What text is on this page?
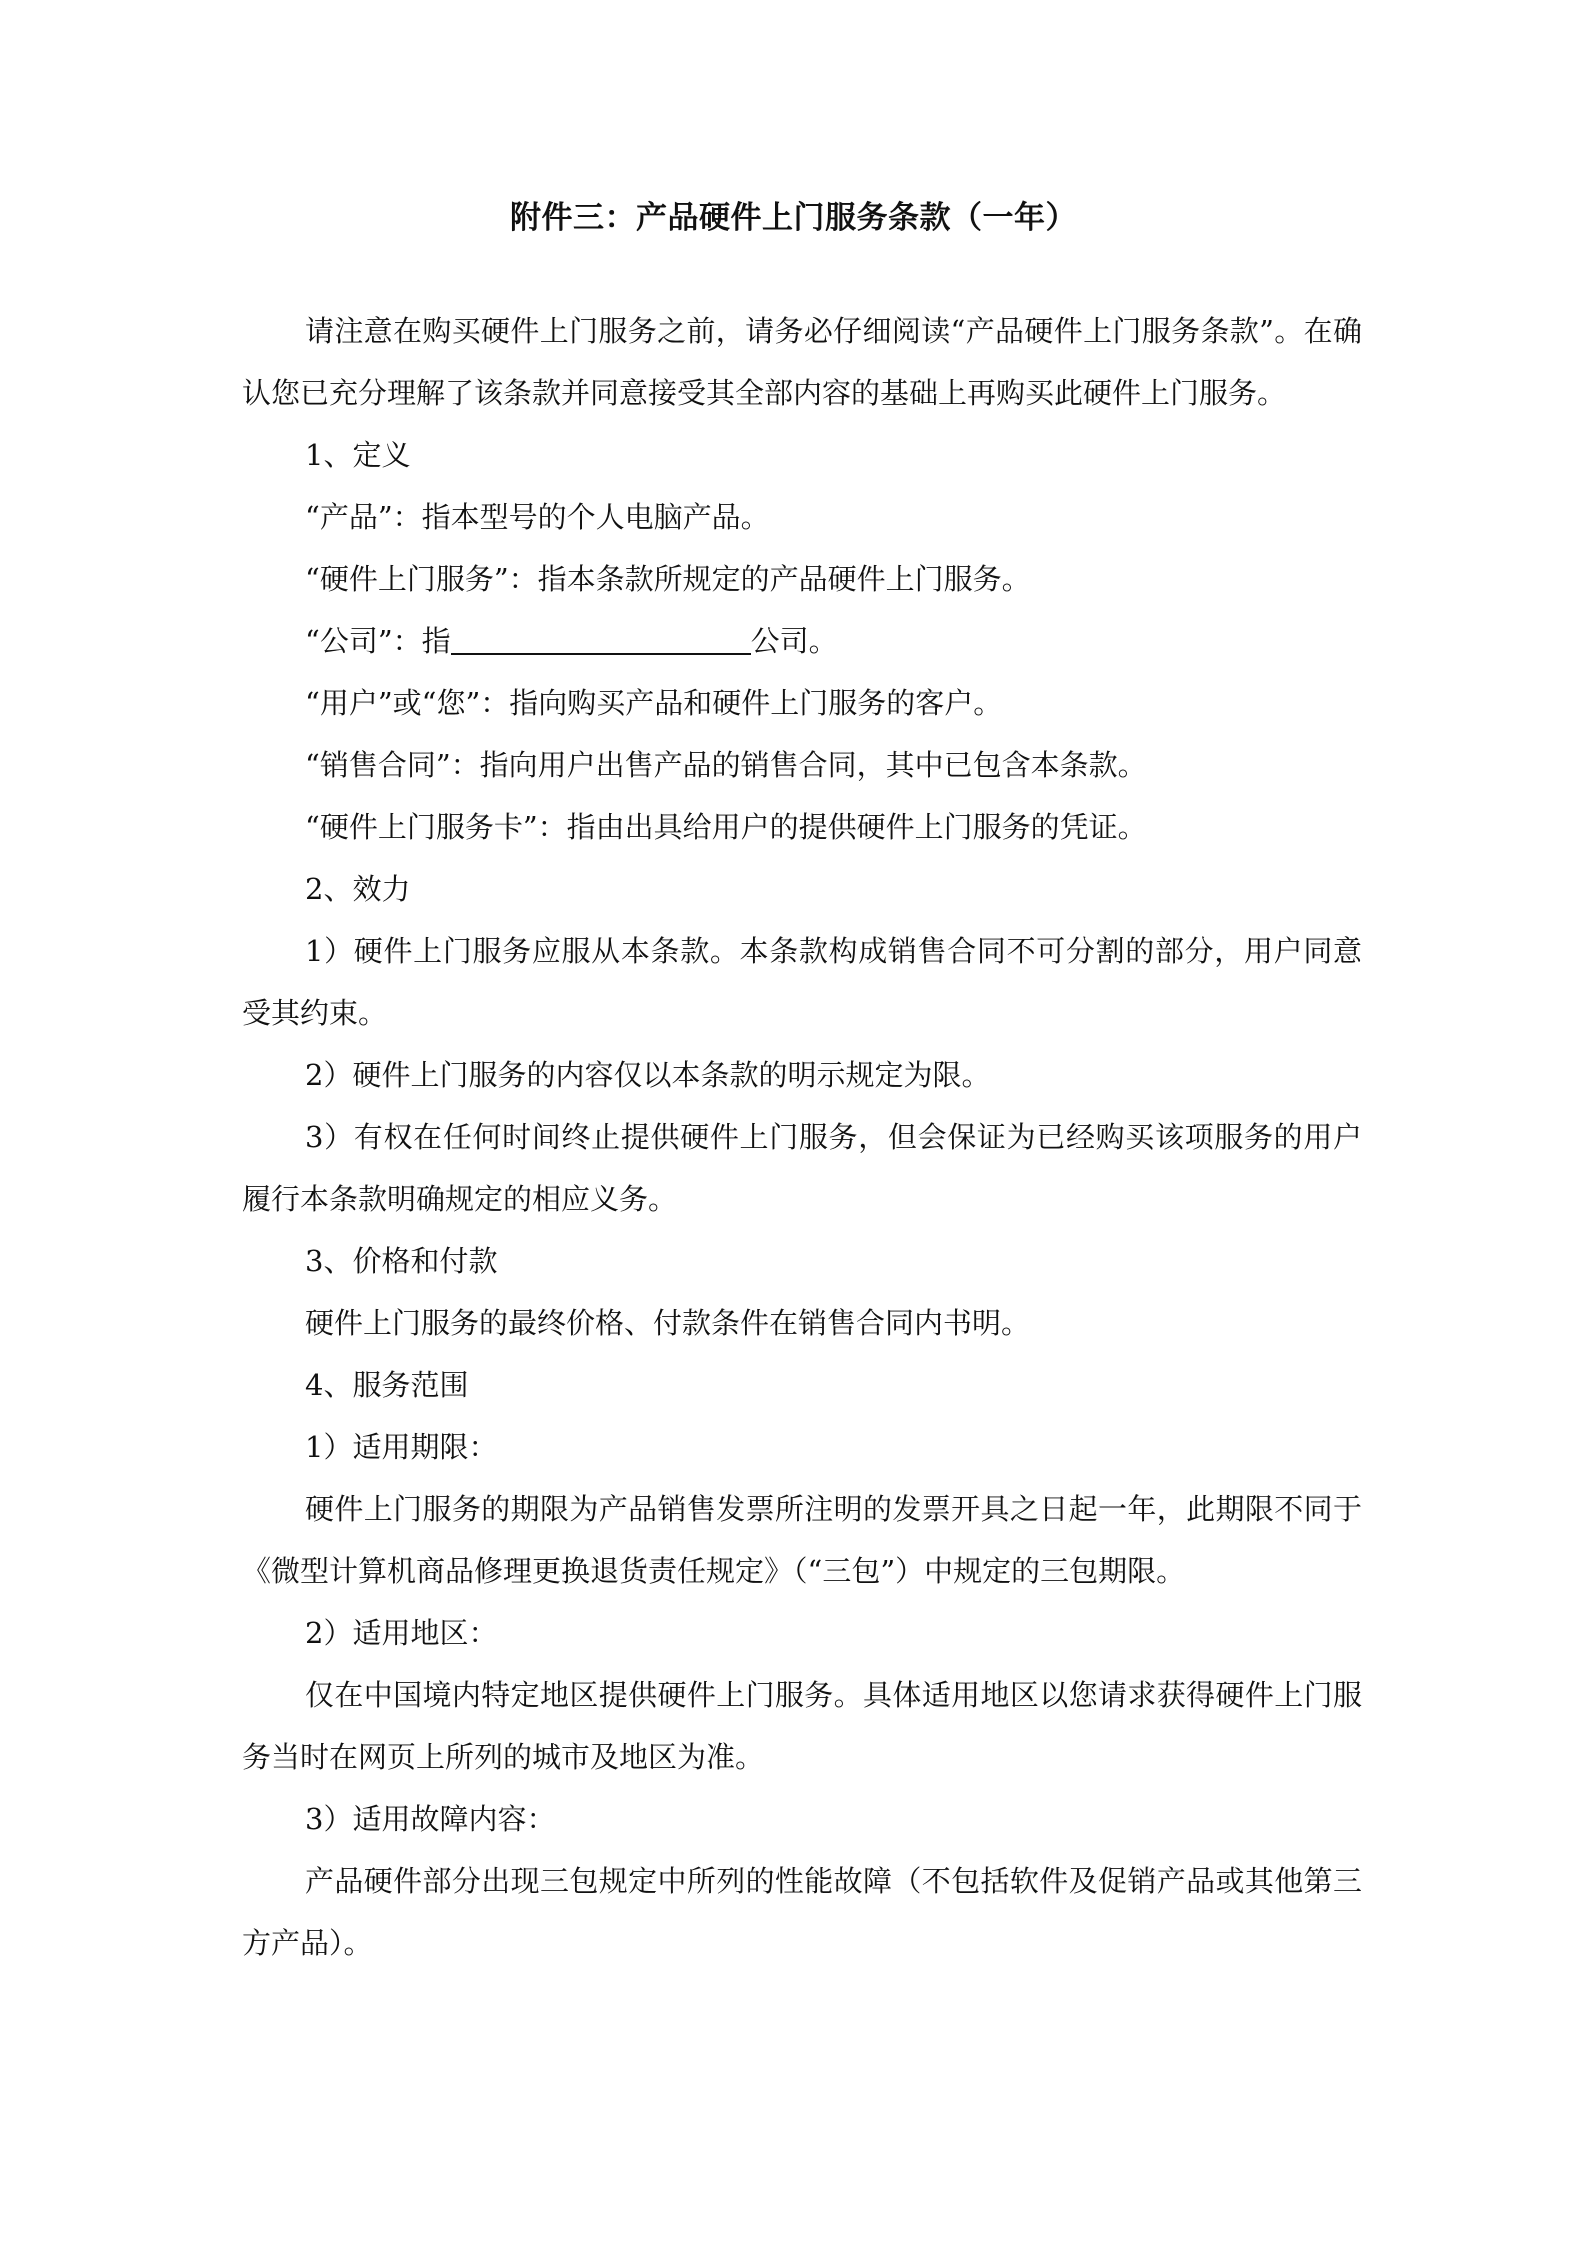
附件三：产品硬件上门服务条款（一年）

请注意在购买硬件上门服务之前，请务必仔细阅读“产品硬件上门服务条款”。在确认您已充分理解了该条款并同意接受其全部内容的基础上再购买此硬件上门服务。

1、定义

“产品”：指本型号的个人电脑产品。

“硬件上门服务”：指本条款所规定的产品硬件上门服务。

“公司”：指	公司。

“用户”或“您”：指向购买产品和硬件上门服务的客户。

“销售合同”：指向用户出售产品的销售合同，其中已包含本条款。

“硬件上门服务卡”：指由出具给用户的提供硬件上门服务的凭证。

2、效力

1）硬件上门服务应服从本条款。本条款构成销售合同不可分割的部分，用户同意受其约束。

2）硬件上门服务的内容仅以本条款的明示规定为限。

3）有权在任何时间终止提供硬件上门服务，但会保证为已经购买该项服务的用户履行本条款明确规定的相应义务。

3、价格和付款

硬件上门服务的最终价格、付款条件在销售合同内书明。

4、服务范围

1）适用期限：

硬件上门服务的期限为产品销售发票所注明的发票开具之日起一年，此期限不同于《微型计算机商品修理更换退货责任规定》（“三包”）中规定的三包期限。

2）适用地区：

仅在中国境内特定地区提供硬件上门服务。具体适用地区以您请求获得硬件上门服务当时在网页上所列的城市及地区为准。

3）适用故障内容：

产品硬件部分出现三包规定中所列的性能故障（不包括软件及促销产品或其他第三方产品）。
